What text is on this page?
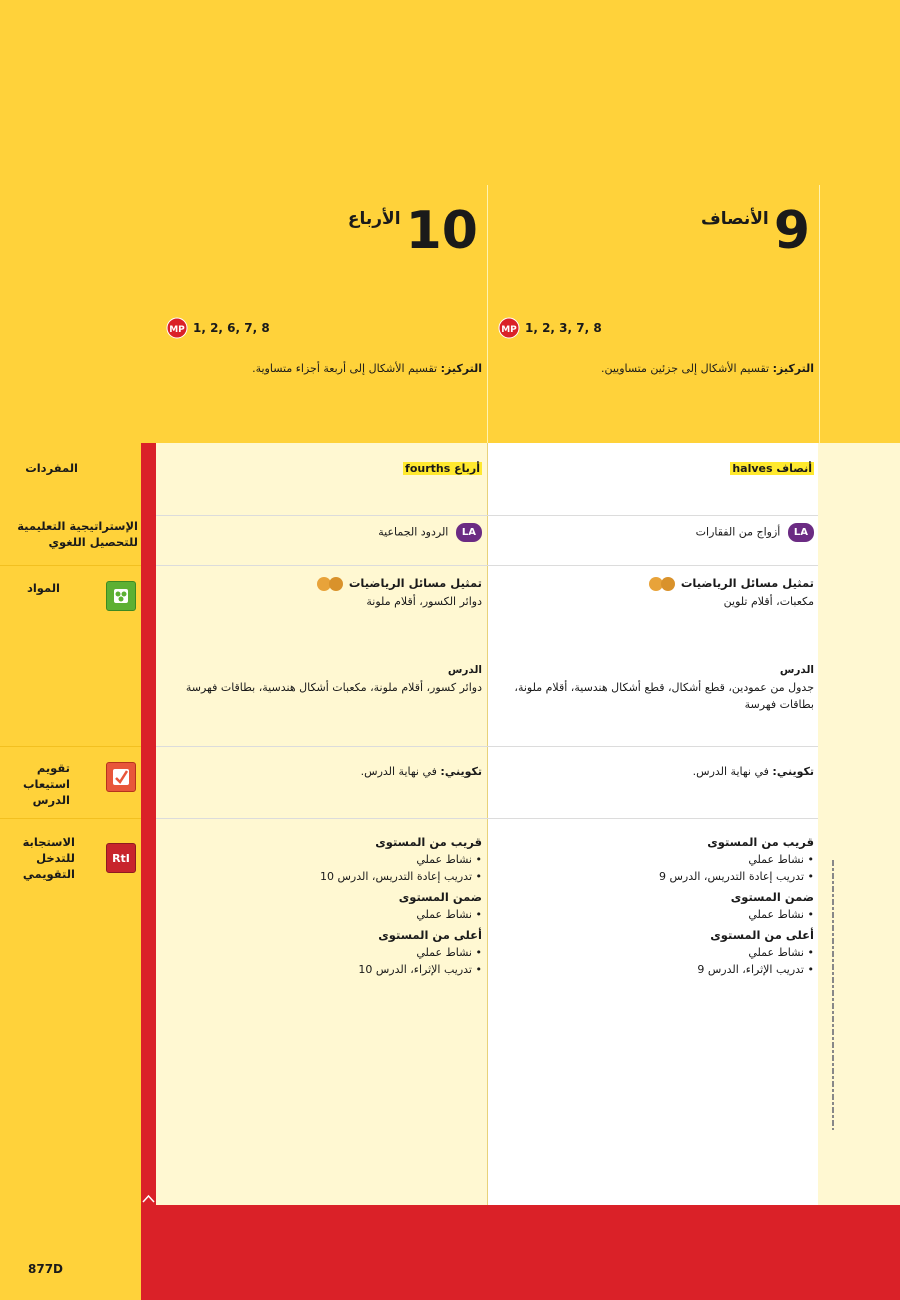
9 الأنصاف
MP 1, 2, 3, 7, 8
التركيز: تقسيم الأشكال إلى جزئين متساويين.
10 الأرباع
MP 1, 2, 6, 7, 8
التركيز: تقسيم الأشكال إلى أربعة أجزاء متساوية.
المفردات
الإستراتيجية التعليمية للتحصيل اللغوي
المواد
تقويم استيعاب الدرس
الاستجابة للتدخل التقويمي
RtI
أنصاف halves
أرباع fourths
LA أزواج من الفقارات
LA الردود الجماعية
تمثيل مسائل الرياضيات
مكعبات، أقلام تلوين
تمثيل مسائل الرياضيات
دوائر الكسور، أقلام ملونة
الدرس
جدول من عمودين، قطع أشكال، قطع أشكال هندسية، أقلام ملونة، بطاقات فهرسة
الدرس
دوائر كسور، أقلام ملونة، مكعبات أشكال هندسية، بطاقات فهرسة
تكويني: في نهاية الدرس.
تكويني: في نهاية الدرس.
قريب من المستوى
• نشاط عملي
• تدريب إعادة التدريس، الدرس 9
ضمن المستوى
• نشاط عملي
أعلى من المستوى
• نشاط عملي
• تدريب الإثراء، الدرس 9
قريب من المستوى
• نشاط عملي
• تدريب إعادة التدريس، الدرس 10
ضمن المستوى
• نشاط عملي
أعلى من المستوى
• نشاط عملي
• تدريب الإثراء، الدرس 10
877D
